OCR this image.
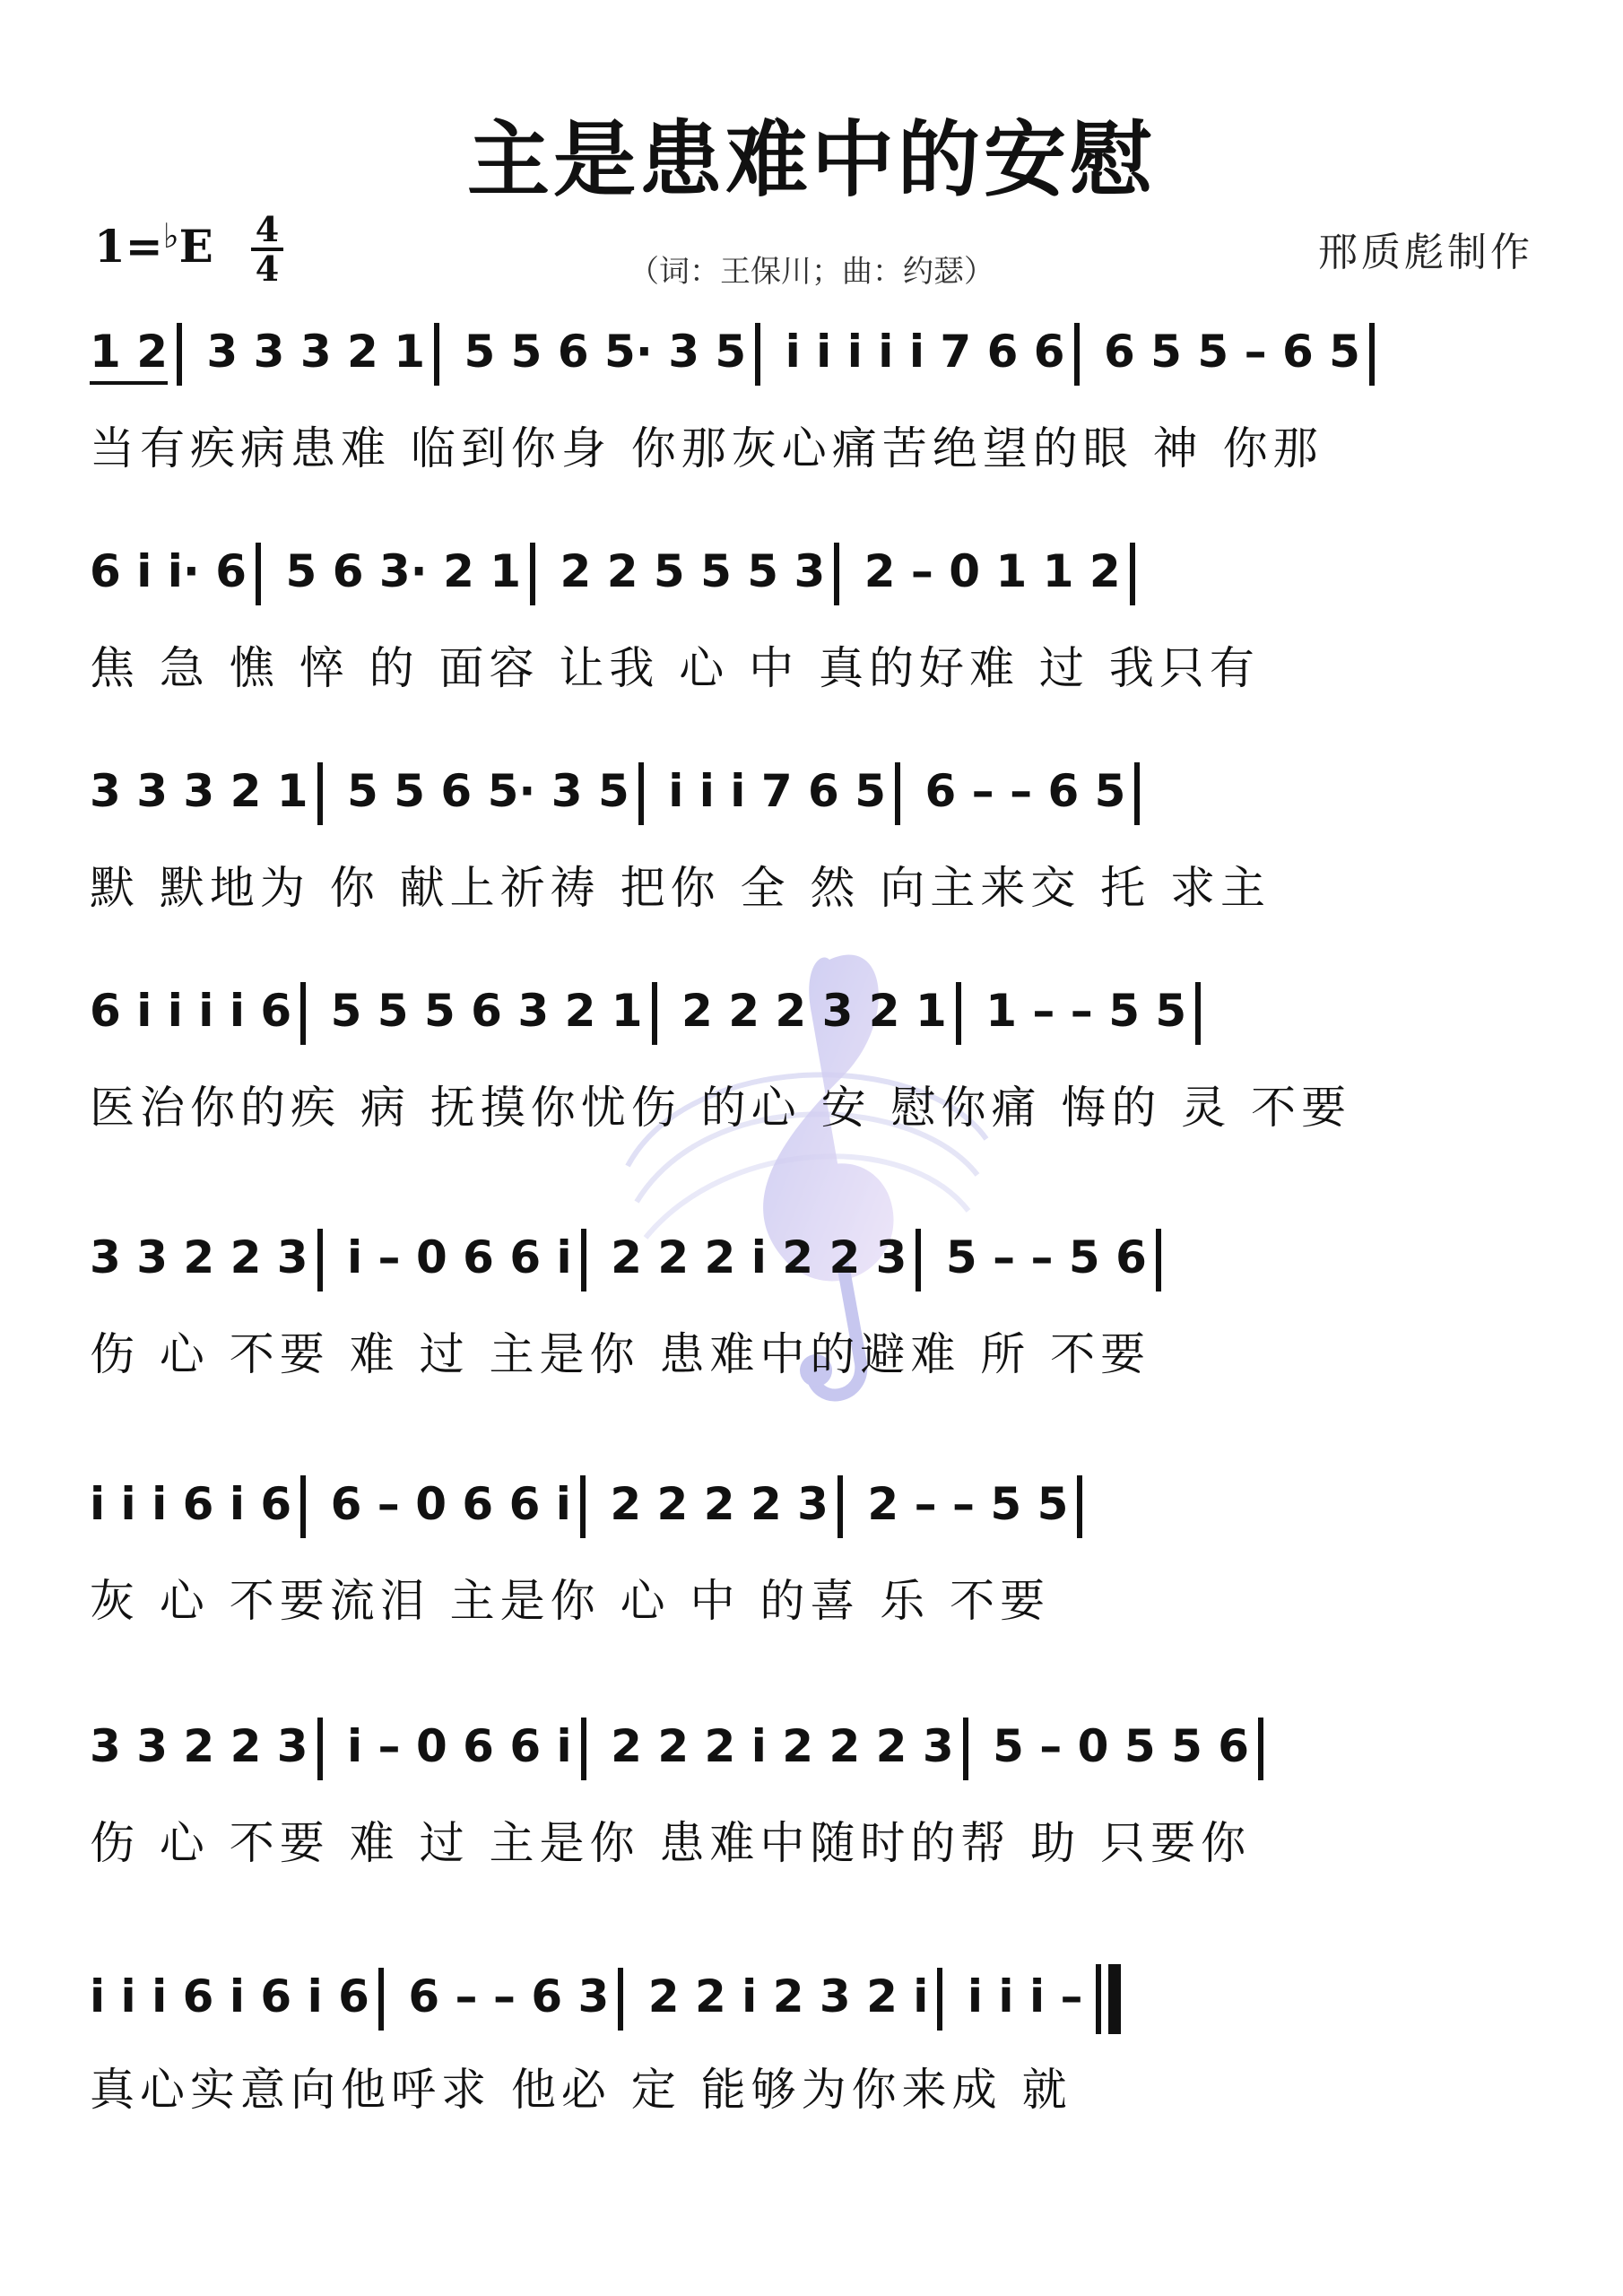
主是患难中的安慰
1=♭E 4
4	（词：王保川；曲：约瑟）	邢质彪制作
1 2 3 3 3 2 1 5 5 6 5· 3 5 i i i i i 7 6 6 6 5 5 – 6 5
当有疾病患难 临到你身 你那灰心痛苦绝望的眼 神 你那
6 i i· 6 5 6 3· 2 1 2 2 5 5 5 3 2 – 0 1 1 2
焦 急 憔 悴 的 面容 让我 心 中 真的好难 过 我只有
3 3 3 2 1 5 5 6 5· 3 5 i i i 7 6 5 6 – – 6 5
默 默地为 你 献上祈祷 把你 全 然 向主来交 托 求主
6 i i i i 6 5 5 5 6 3 2 1 2 2 2 3 2 1 1 – – 5 5
医治你的疾 病 抚摸你忧伤 的心 安 慰你痛 悔的 灵 不要
3 3 2 2 3 i – 0 6 6 i 2 2 2 i 2 2 3 5 – – 5 6
伤 心 不要 难 过 主是你 患难中的避难 所 不要
i i i 6 i 6 6 – 0 6 6 i 2 2 2 2 3 2 – – 5 5
灰 心 不要流泪 主是你 心 中 的喜 乐 不要
3 3 2 2 3 i – 0 6 6 i 2 2 2 i 2 2 2 3 5 – 0 5 5 6
伤 心 不要 难 过 主是你 患难中随时的帮 助 只要你
i i i 6 i 6 i 6 6 – – 6 3 2 2 i 2 3 2 i i i i –
真心实意向他呼求 他必 定 能够为你来成 就
